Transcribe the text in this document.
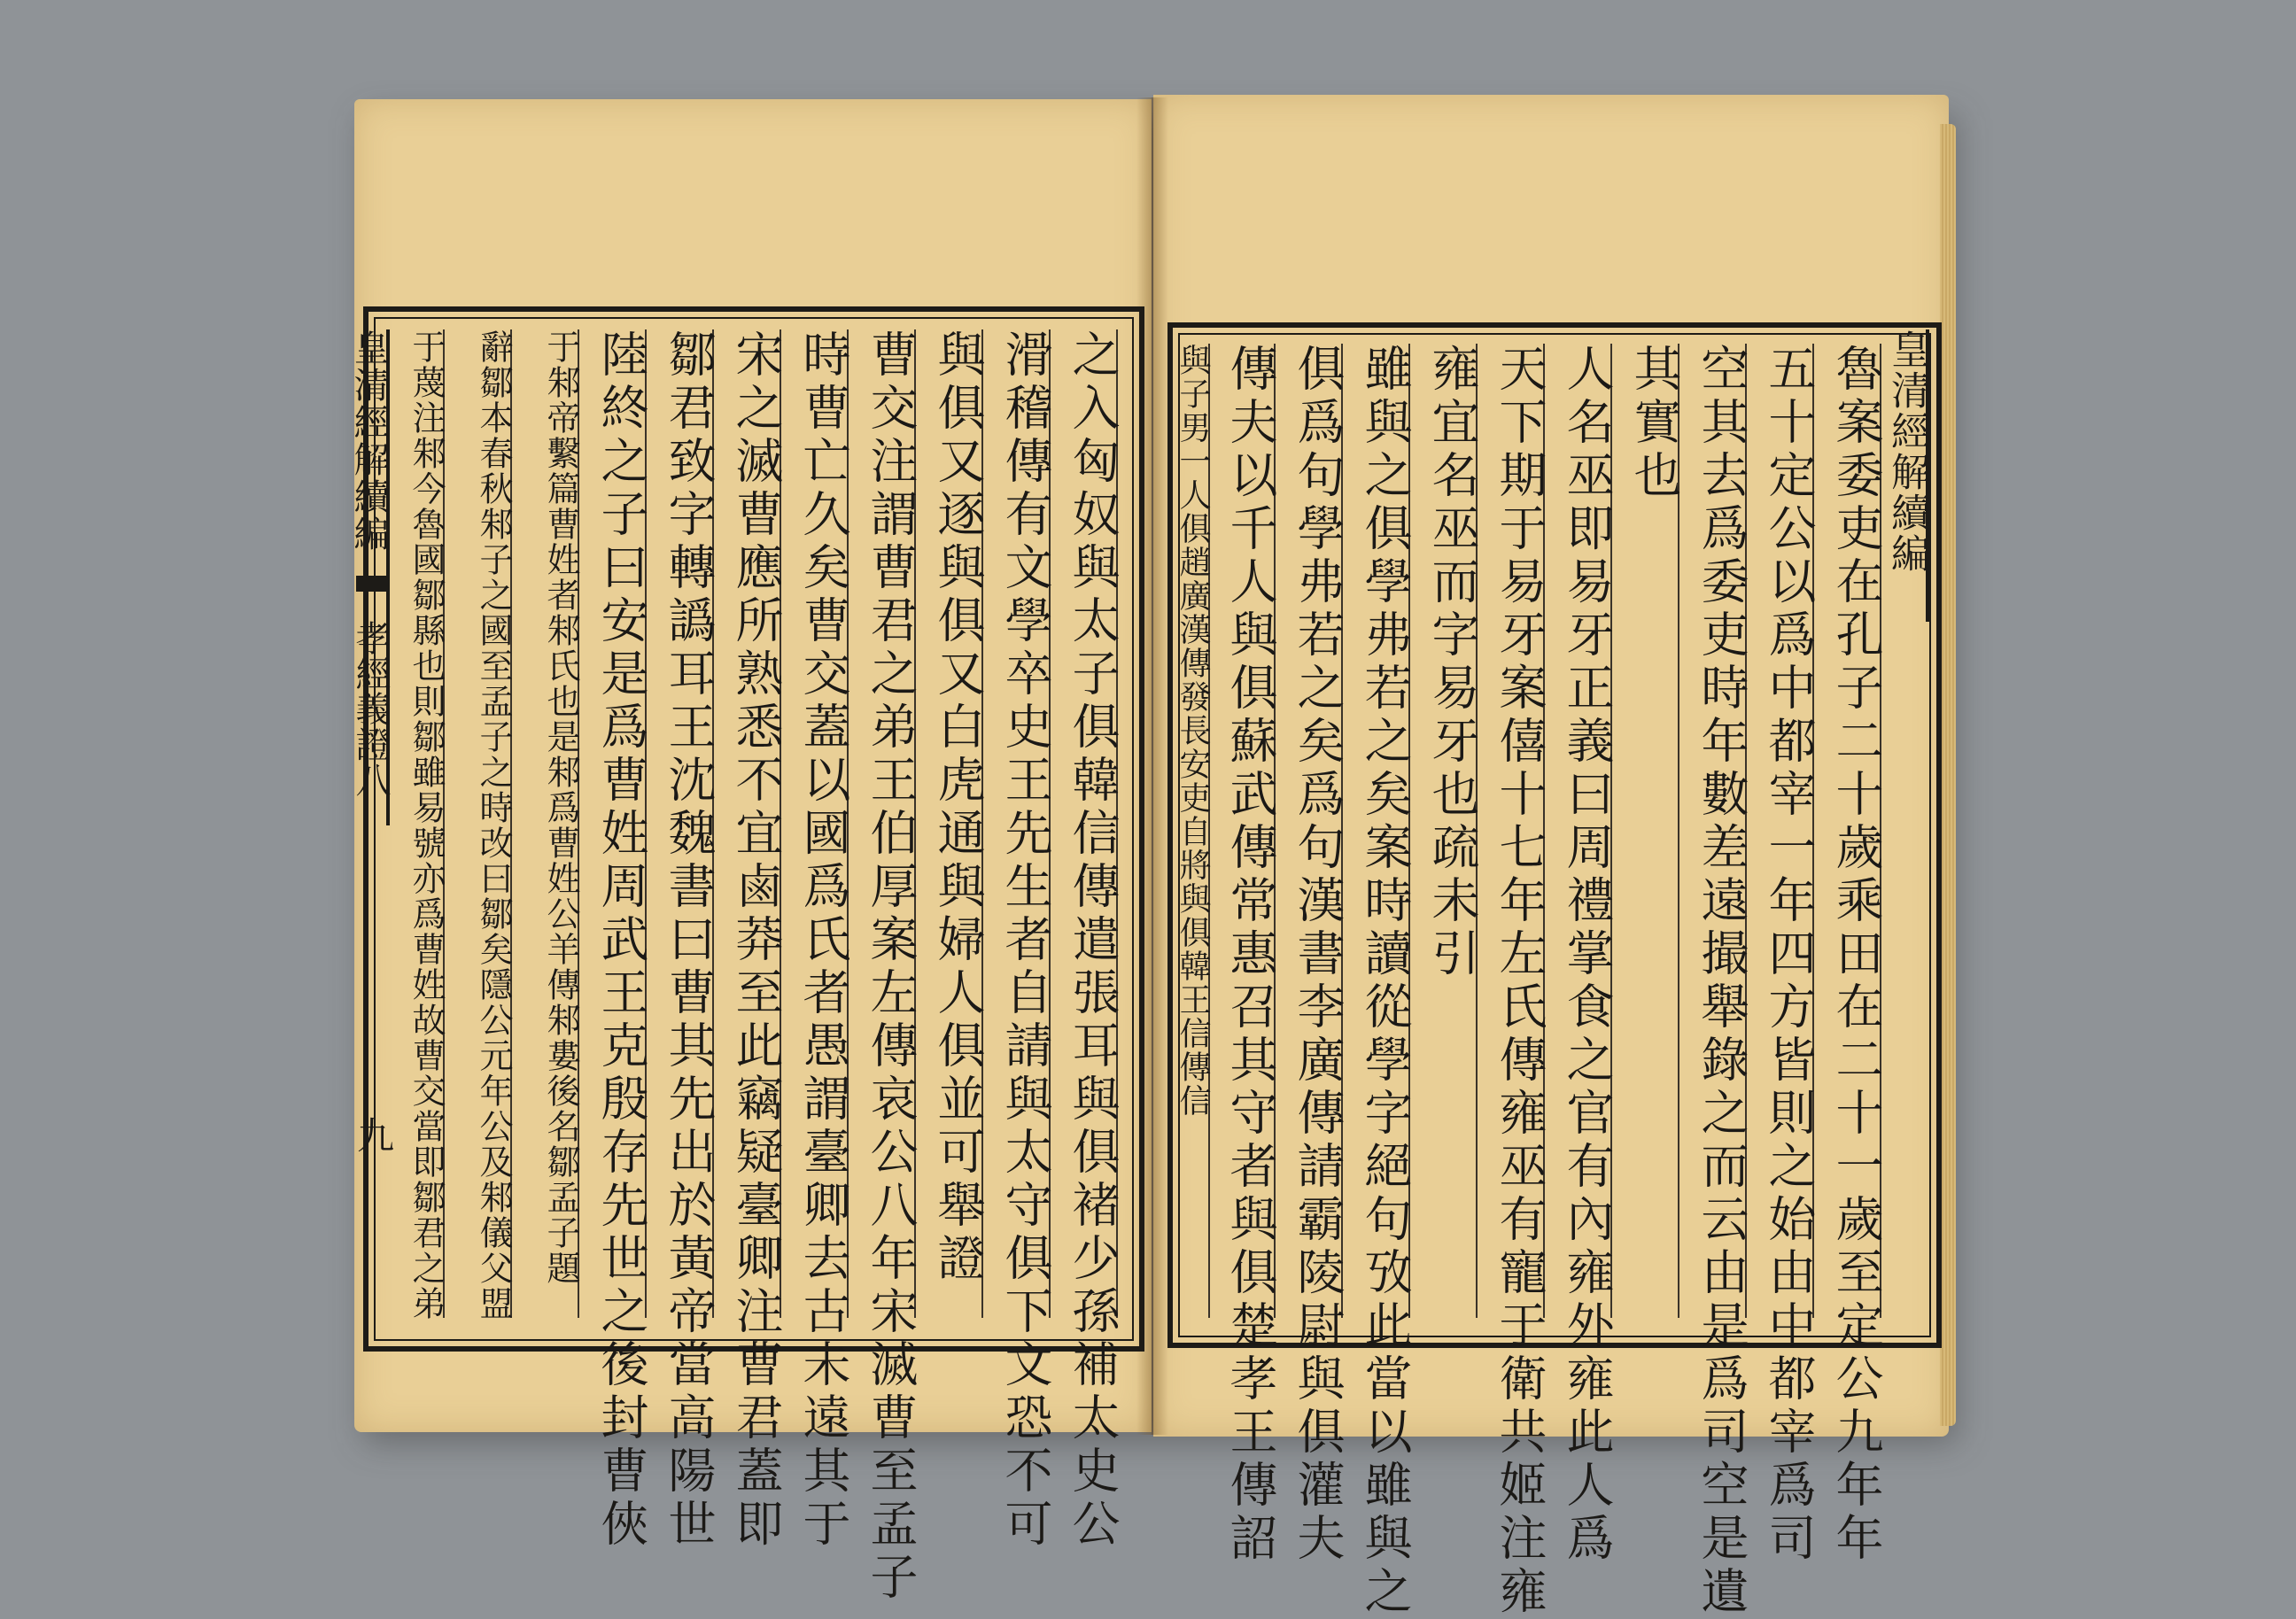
之入匈奴與太子俱韓信傳遣張耳與俱褚少孫補太史公
滑稽傳有文學卒史王先生者自請與太守俱下文恐不可
與俱又逐與俱又白虎通與婦人俱並可舉證
曹交注謂曹君之弟王伯厚案左傳哀公八年宋滅曹至孟子
時曹亡久矣曹交蓋以國爲氏者愚謂臺卿去古未遠其于
宋之滅曹應所熟悉不宜鹵莽至此竊疑臺卿注曹君蓋即
鄒君致字轉譌耳王沈魏書曰曹其先出於黃帝當高陽世
陸終之子曰安是爲曹姓周武王克殷存先世之後封曹俠
于邾帝繫篇曹姓者邾氏也是邾爲曹姓公羊傳邾婁後名鄒孟子題
辭鄒本春秋邾子之國至孟子之時改曰鄒矣隱公元年公及邾儀父盟
于蔑注邾今魯國鄒縣也則鄒雖易號亦爲曹姓故曹交當即鄒君之弟
皇清經解續編
孝經義證八
九
皇清經解續編
魯案委吏在孔子二十歲乘田在二十一歲至定公九年年
五十定公以爲中都宰一年四方皆則之始由中都宰爲司
空其去爲委吏時年數差遠撮舉錄之而云由是爲司空是遺
其實也
人名巫即易牙正義曰周禮掌食之官有內雍外雍此人爲
天下期于易牙案僖十七年左氏傳雍巫有寵于衛共姬注雍
雍宜名巫而字易牙也疏未引
雖與之俱學弗若之矣案時讀從學字絕句攷此當以雖與之
俱爲句學弗若之矣爲句漢書李廣傳請霸陵尉與俱灌夫
傳夫以千人與俱蘇武傳常惠召其守者與俱楚孝王傳詔
與子男一人俱趙廣漢傳發長安吏自將與俱韓王信傳信
